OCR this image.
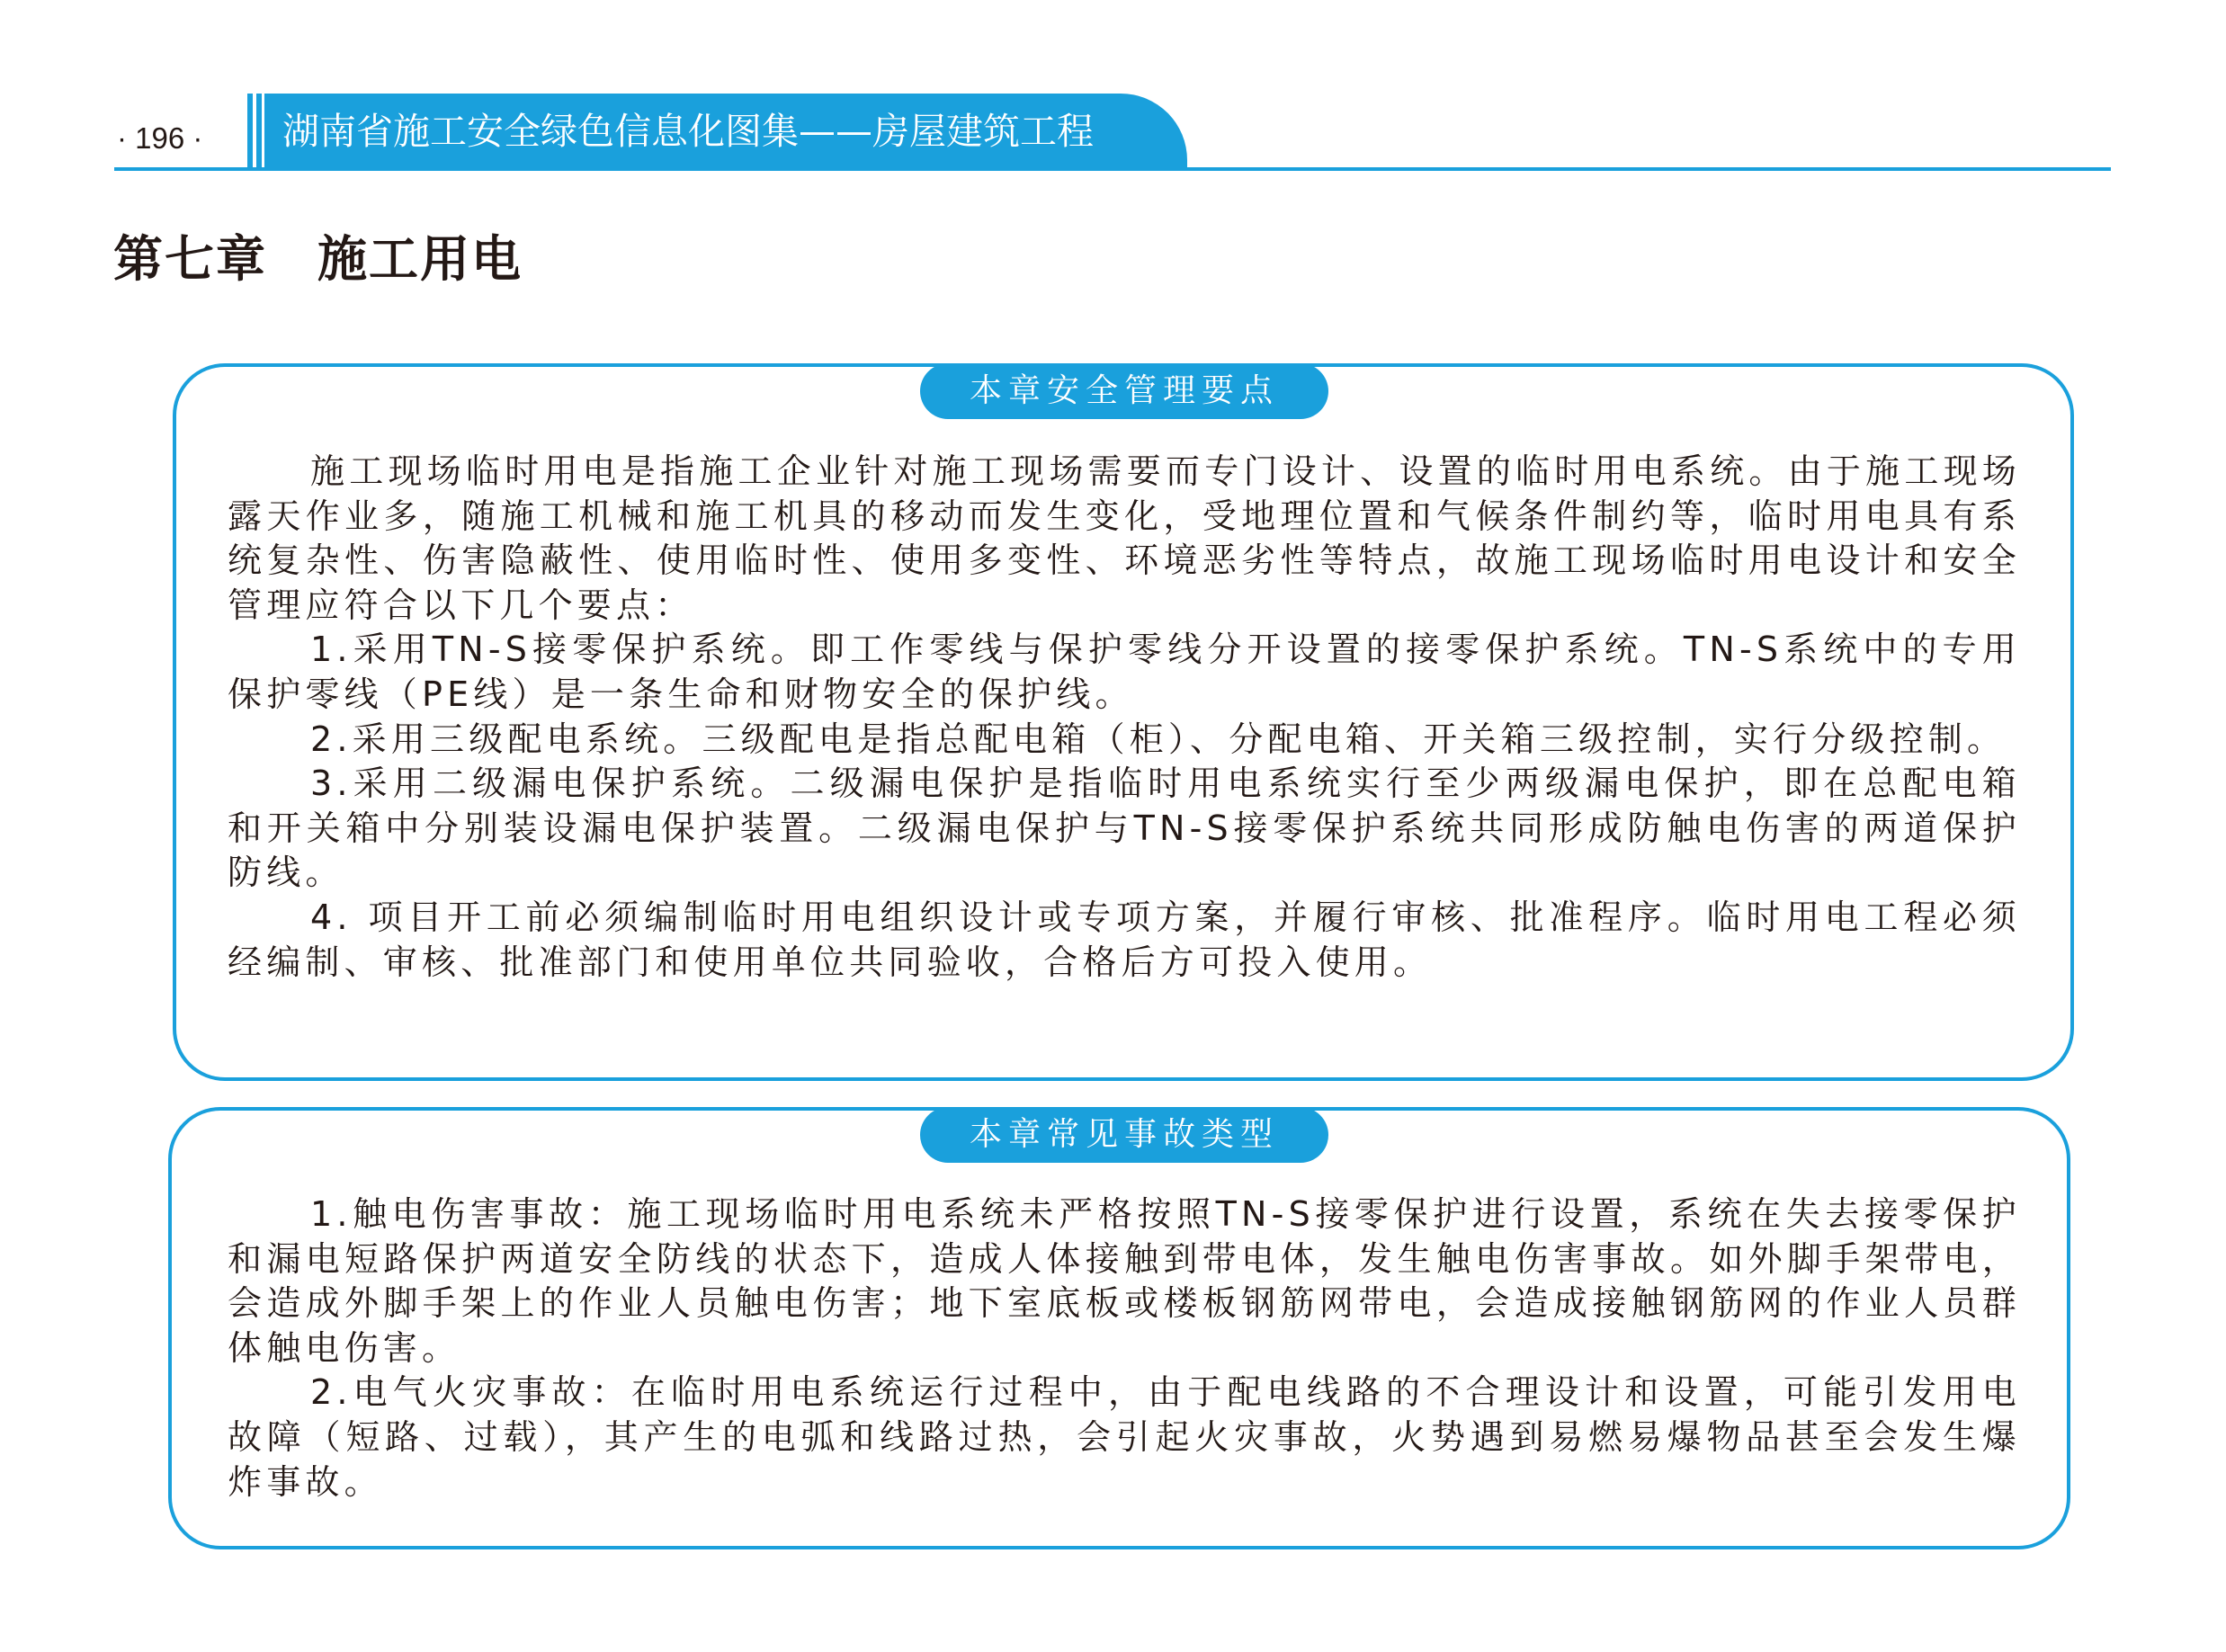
· 196 ·	湖南省施工安全绿色信息化图集——房屋建筑工程
第七章 施工用电
本章安全管理要点

施工现场临时用电是指施工企业针对施工现场需要而专门设计、设置的临时用电系统。由于施工现场露天作业多，随施工机械和施工机具的移动而发生变化，受地理位置和气候条件制约等，临时用电具有系统复杂性、伤害隐蔽性、使用临时性、使用多变性、环境恶劣性等特点，故施工现场临时用电设计和安全管理应符合以下几个要点：

1.采用TN-S接零保护系统。即工作零线与保护零线分开设置的接零保护系统。TN-S系统中的专用保护零线（PE线）是一条生命和财物安全的保护线。

2.采用三级配电系统。三级配电是指总配电箱（柜）、分配电箱、开关箱三级控制，实行分级控制。

3.采用二级漏电保护系统。二级漏电保护是指临时用电系统实行至少两级漏电保护，即在总配电箱和开关箱中分别装设漏电保护装置。二级漏电保护与TN-S接零保护系统共同形成防触电伤害的两道保护防线。

4. 项目开工前必须编制临时用电组织设计或专项方案，并履行审核、批准程序。临时用电工程必须经编制、审核、批准部门和使用单位共同验收，合格后方可投入使用。

本章常见事故类型

1.触电伤害事故：施工现场临时用电系统未严格按照TN-S接零保护进行设置，系统在失去接零保护和漏电短路保护两道安全防线的状态下，造成人体接触到带电体，发生触电伤害事故。如外脚手架带电，会造成外脚手架上的作业人员触电伤害；地下室底板或楼板钢筋网带电，会造成接触钢筋网的作业人员群体触电伤害。

2.电气火灾事故：在临时用电系统运行过程中，由于配电线路的不合理设计和设置，可能引发用电故障（短路、过载），其产生的电弧和线路过热，会引起火灾事故，火势遇到易燃易爆物品甚至会发生爆炸事故。
